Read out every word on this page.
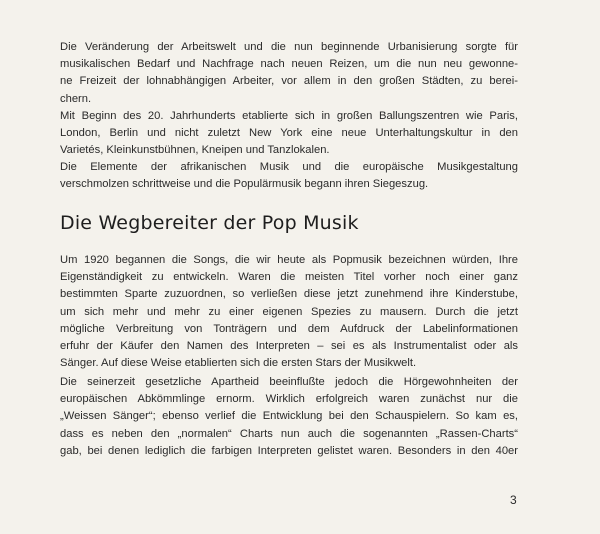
Die Veränderung der Arbeitswelt und die nun beginnende Urbanisierung sorgte für
musikalischen Bedarf und Nachfrage nach neuen Reizen, um die nun neu gewonne-
ne Freizeit der lohnabhängigen Arbeiter, vor allem in den großen Städten, zu berei-
chern.
Mit Beginn des 20. Jahrhunderts etablierte sich in großen Ballungszentren wie Paris,
London, Berlin und nicht zuletzt New York eine neue Unterhaltungskultur in den
Varietés, Kleinkunstbühnen, Kneipen und Tanzlokalen.

Die Elemente der afrikanischen Musik und die europäische Musikgestaltung
verschmolzen schrittweise und die Populärmusik begann ihren Siegeszug.

Die Wegbereiter der Pop Musik

Um 1920 begannen die Songs, die wir heute als Popmusik bezeichnen würden, Ihre
Eigenständigkeit zu entwickeln. Waren die meisten Titel vorher noch einer ganz
bestimmten Sparte zuzuordnen, so verließen diese jetzt zunehmend ihre Kinderstube,
um sich mehr und mehr zu einer eigenen Spezies zu mausern. Durch die jetzt
mögliche Verbreitung von Tonträgern und dem Aufdruck der Labelinformationen
erfuhr der Käufer den Namen des Interpreten – sei es als Instrumentalist oder als
Sänger. Auf diese Weise etablierten sich die ersten Stars der Musikwelt.

Die seinerzeit gesetzliche Apartheid beeinflußte jedoch die Hörgewohnheiten der
europäischen Abkömmlinge ernorm. Wirklich erfolgreich waren zunächst nur die
„Weissen Sänger“; ebenso verlief die Entwicklung bei den Schauspielern. So kam es,
dass es neben den „normalen“ Charts nun auch die sogenannten „Rassen-Charts“
gab, bei denen lediglich die farbigen Interpreten gelistet waren. Besonders in den 40er

3
